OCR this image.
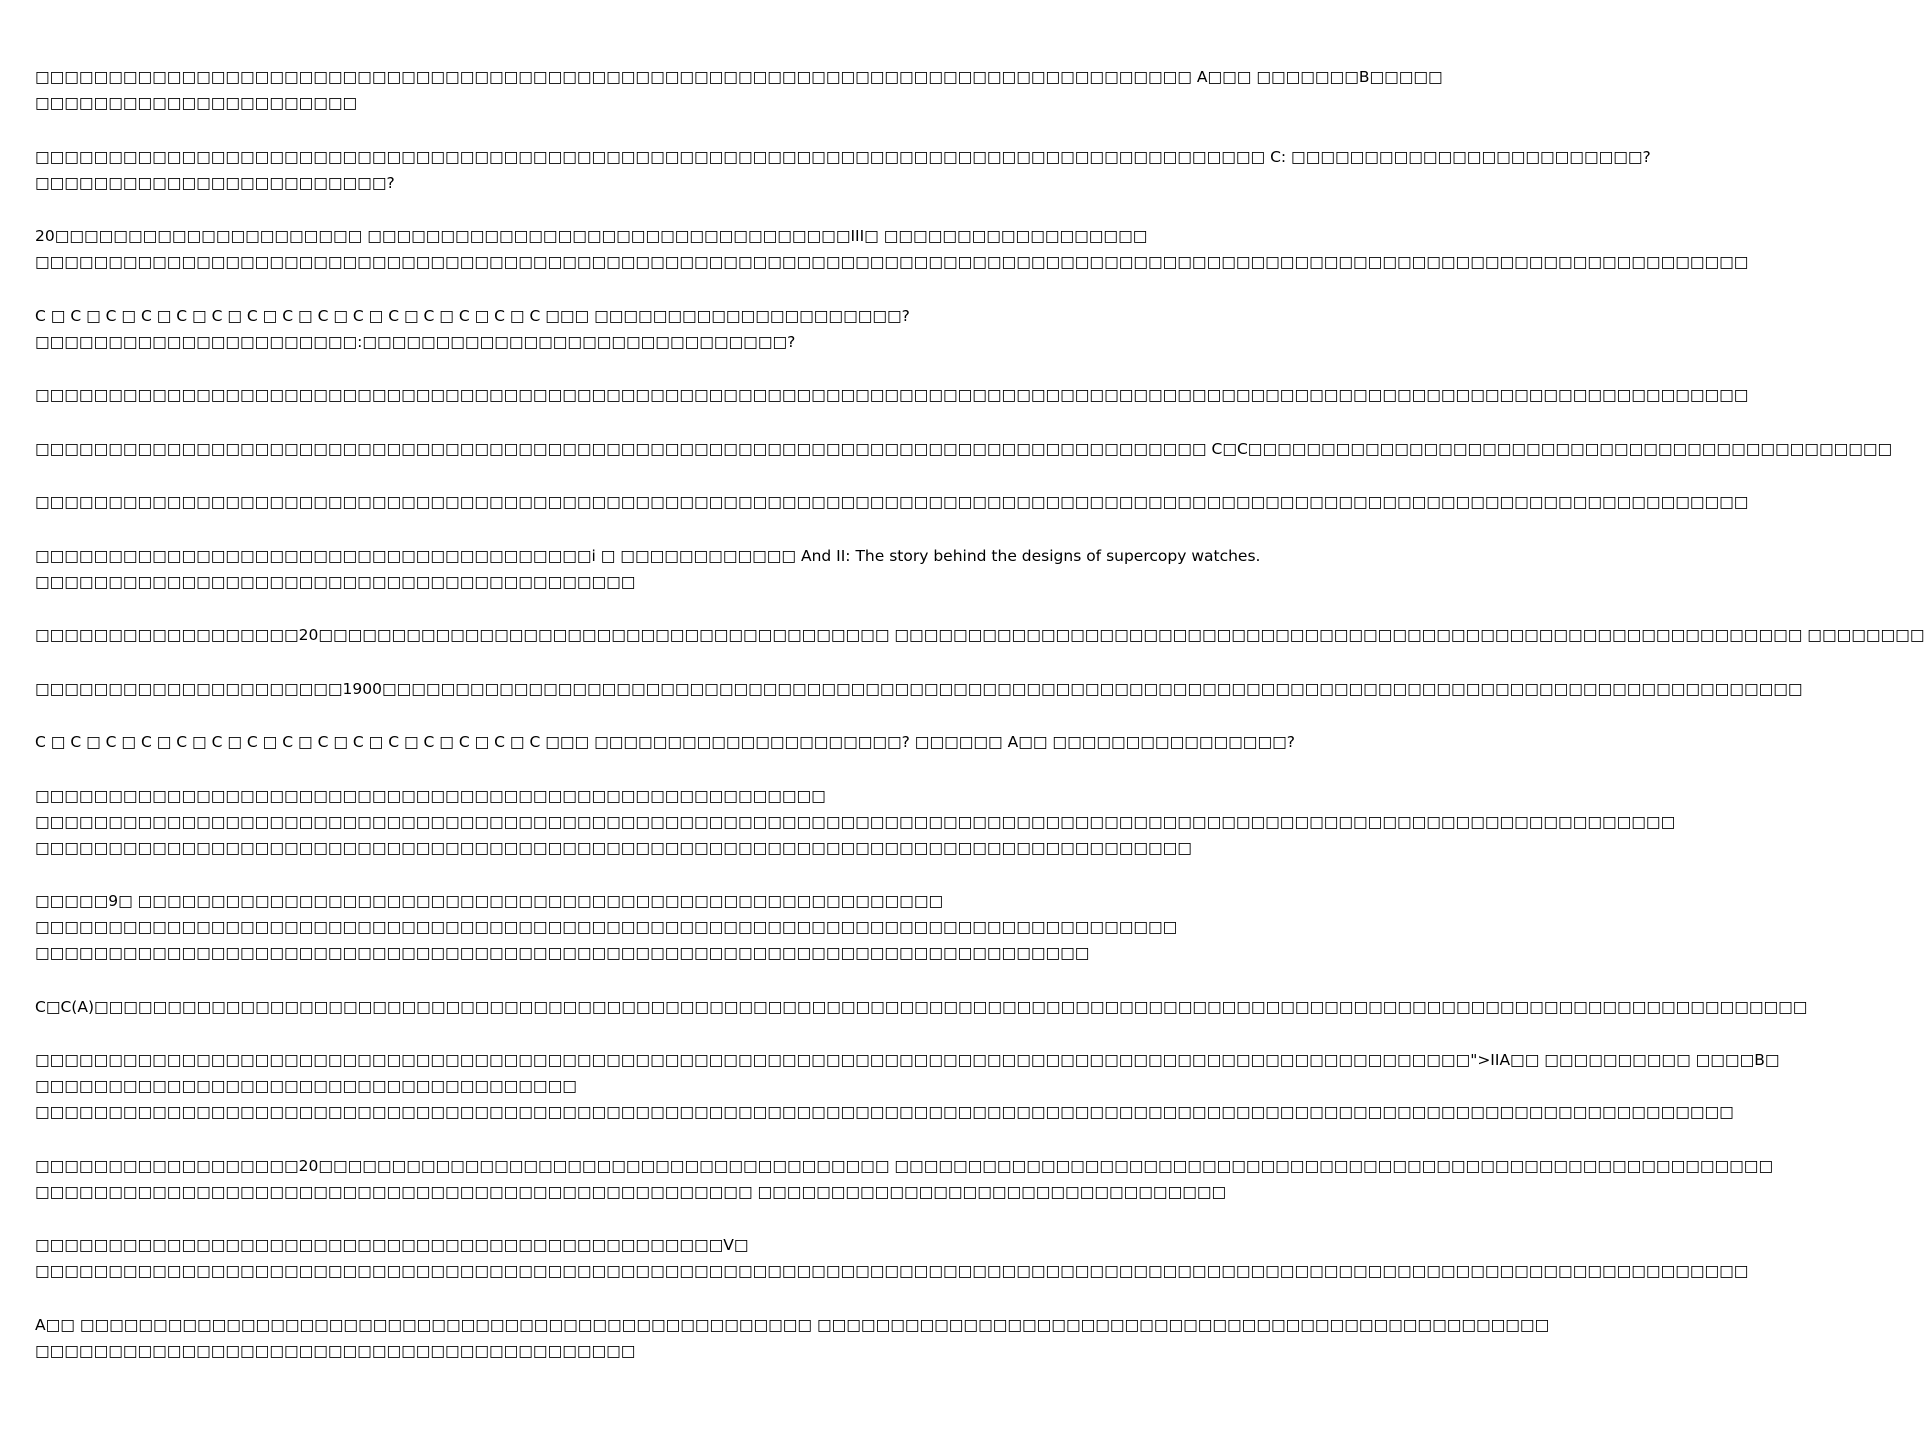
□□□□□□□□□□□□□□□□□□□□□□□□□□□□□□□□□□□□□□□□□□□□□□□□□□□□□□□□□□□□□□□□□□□□□□□□□□□□□□□ A□□□ □□□□□□□B□□□□□
□□□□□□□□□□□□□□□□□□□□□□

□□□□□□□□□□□□□□□□□□□□□□□□□□□□□□□□□□□□□□□□□□□□□□□□□□□□□□□□□□□□□□□□□□□□□□□□□□□□□□□□□□□□ C: □□□□□□□□□□□□□□□□□□□□□□□□?
□□□□□□□□□□□□□□□□□□□□□□□□?

20□□□□□□□□□□□□□□□□□□□□□ □□□□□□□□□□□□□□□□□□□□□□□□□□□□□□□□□III□ □□□□□□□□□□□□□□□□□□
□□□□□□□□□□□□□□□□□□□□□□□□□□□□□□□□□□□□□□□□□□□□□□□□□□□□□□□□□□□□□□□□□□□□□□□□□□□□□□□□□□□□□□□□□□□□□□□□□□□□□□□□□□□□□□□□□□□□□

C □ C □ C □ C □ C □ C □ C □ C □ C □ C □ C □ C □ C □ C □ C □□□ □□□□□□□□□□□□□□□□□□□□□?
□□□□□□□□□□□□□□□□□□□□□□:□□□□□□□□□□□□□□□□□□□□□□□□□□□□□?

□□□□□□□□□□□□□□□□□□□□□□□□□□□□□□□□□□□□□□□□□□□□□□□□□□□□□□□□□□□□□□□□□□□□□□□□□□□□□□□□□□□□□□□□□□□□□□□□□□□□□□□□□□□□□□□□□□□□□

□□□□□□□□□□□□□□□□□□□□□□□□□□□□□□□□□□□□□□□□□□□□□□□□□□□□□□□□□□□□□□□□□□□□□□□□□□□□□□□□ C□C□□□□□□□□□□□□□□□□□□□□□□□□□□□□□□□□□□□□□□□□□□□□

□□□□□□□□□□□□□□□□□□□□□□□□□□□□□□□□□□□□□□□□□□□□□□□□□□□□□□□□□□□□□□□□□□□□□□□□□□□□□□□□□□□□□□□□□□□□□□□□□□□□□□□□□□□□□□□□□□□□□

□□□□□□□□□□□□□□□□□□□□□□□□□□□□□□□□□□□□□□i □ □□□□□□□□□□□□ And II: The story behind the designs of supercopy watches.
□□□□□□□□□□□□□□□□□□□□□□□□□□□□□□□□□□□□□□□□□

□□□□□□□□□□□□□□□□□□20□□□□□□□□□□□□□□□□□□□□□□□□□□□□□□□□□□□□□□□ □□□□□□□□□□□□□□□□□□□□□□□□□□□□□□□□□□□□□□□□□□□□□□□□□□□□□□□□□□□□□□ □□□□□□□□

□□□□□□□□□□□□□□□□□□□□□1900□□□□□□□□□□□□□□□□□□□□□□□□□□□□□□□□□□□□□□□□□□□□□□□□□□□□□□□□□□□□□□□□□□□□□□□□□□□□□□□□□□□□□□□□□□□□□□□□□

C □ C □ C □ C □ C □ C □ C □ C □ C □ C □ C □ C □ C □ C □ C □□□ □□□□□□□□□□□□□□□□□□□□□? □□□□□□ A□□ □□□□□□□□□□□□□□□□?

□□□□□□□□□□□□□□□□□□□□□□□□□□□□□□□□□□□□□□□□□□□□□□□□□□□□□□
□□□□□□□□□□□□□□□□□□□□□□□□□□□□□□□□□□□□□□□□□□□□□□□□□□□□□□□□□□□□□□□□□□□□□□□□□□□□□□□□□□□□□□□□□□□□□□□□□□□□□□□□□□□□□□□□
□□□□□□□□□□□□□□□□□□□□□□□□□□□□□□□□□□□□□□□□□□□□□□□□□□□□□□□□□□□□□□□□□□□□□□□□□□□□□□□

□□□□□9□ □□□□□□□□□□□□□□□□□□□□□□□□□□□□□□□□□□□□□□□□□□□□□□□□□□□□□□□
□□□□□□□□□□□□□□□□□□□□□□□□□□□□□□□□□□□□□□□□□□□□□□□□□□□□□□□□□□□□□□□□□□□□□□□□□□□□□□
□□□□□□□□□□□□□□□□□□□□□□□□□□□□□□□□□□□□□□□□□□□□□□□□□□□□□□□□□□□□□□□□□□□□□□□□

C□C(A)□□□□□□□□□□□□□□□□□□□□□□□□□□□□□□□□□□□□□□□□□□□□□□□□□□□□□□□□□□□□□□□□□□□□□□□□□□□□□□□□□□□□□□□□□□□□□□□□□□□□□□□□□□□□□□□□□□□□□

□□□□□□□□□□□□□□□□□□□□□□□□□□□□□□□□□□□□□□□□□□□□□□□□□□□□□□□□□□□□□□□□□□□□□□□□□□□□□□□□□□□□□□□□□□□□□□□□□□">IIA□□ □□□□□□□□□□ □□□□B□
□□□□□□□□□□□□□□□□□□□□□□□□□□□□□□□□□□□□□
□□□□□□□□□□□□□□□□□□□□□□□□□□□□□□□□□□□□□□□□□□□□□□□□□□□□□□□□□□□□□□□□□□□□□□□□□□□□□□□□□□□□□□□□□□□□□□□□□□□□□□□□□□□□□□□□□□□□

□□□□□□□□□□□□□□□□□□20□□□□□□□□□□□□□□□□□□□□□□□□□□□□□□□□□□□□□□□ □□□□□□□□□□□□□□□□□□□□□□□□□□□□□□□□□□□□□□□□□□□□□□□□□□□□□□□□□□□□
□□□□□□□□□□□□□□□□□□□□□□□□□□□□□□□□□□□□□□□□□□□□□□□□□ □□□□□□□□□□□□□□□□□□□□□□□□□□□□□□□□

□□□□□□□□□□□□□□□□□□□□□□□□□□□□□□□□□□□□□□□□□□□□□□□V□
□□□□□□□□□□□□□□□□□□□□□□□□□□□□□□□□□□□□□□□□□□□□□□□□□□□□□□□□□□□□□□□□□□□□□□□□□□□□□□□□□□□□□□□□□□□□□□□□□□□□□□□□□□□□□□□□□□□□□

A□□ □□□□□□□□□□□□□□□□□□□□□□□□□□□□□□□□□□□□□□□□□□□□□□□□□□ □□□□□□□□□□□□□□□□□□□□□□□□□□□□□□□□□□□□□□□□□□□□□□□□□□
□□□□□□□□□□□□□□□□□□□□□□□□□□□□□□□□□□□□□□□□□
